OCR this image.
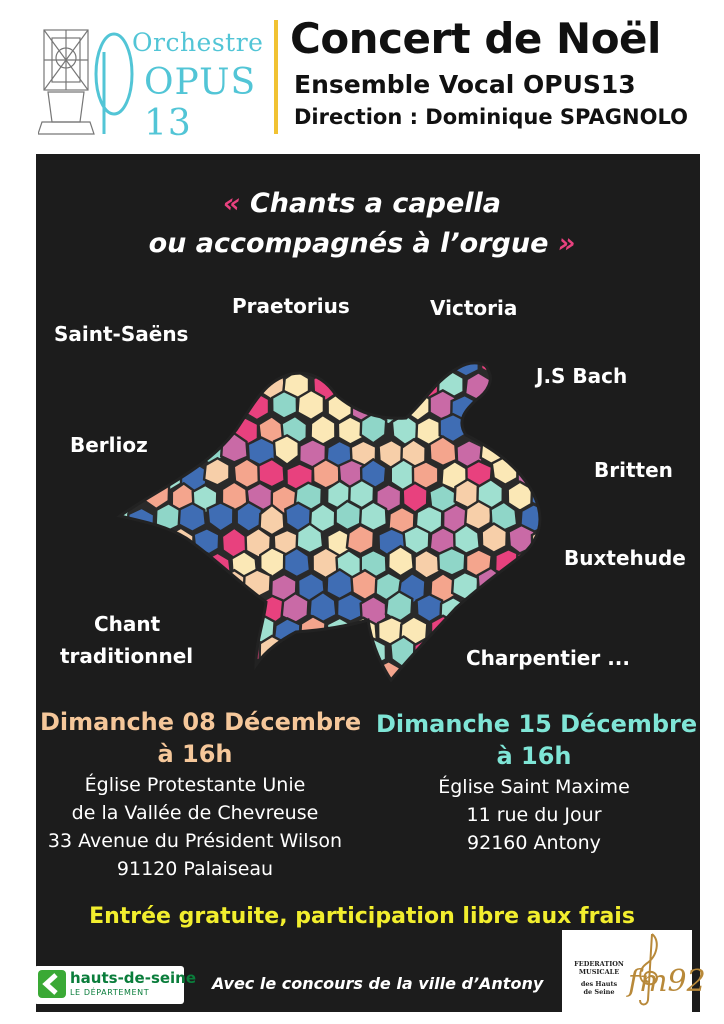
Orchestre
OPUS 13
Concert de Noël
Ensemble Vocal OPUS13
Direction : Dominique SPAGNOLO
« Chants a capella
ou accompagnés à l’orgue »
Praetorius	Victoria
Saint-Saëns
J.S Bach
Berlioz
Britten
Buxtehude
Chant
traditionnel	Charpentier ...
Dimanche 08 Décembre
à 16h
Église Protestante Unie
de la Vallée de Chevreuse
33 Avenue du Président Wilson
91120 Palaiseau
Dimanche 15 Décembre
à 16h
Église Saint Maxime
11 rue du Jour
92160 Antony
Entrée gratuite, participation libre aux frais
hauts-de-seine
LE DÉPARTEMENT	Avec le concours de la ville d’Antony
FEDERATION
MUSICALE
des Hauts
de Seine fm92
